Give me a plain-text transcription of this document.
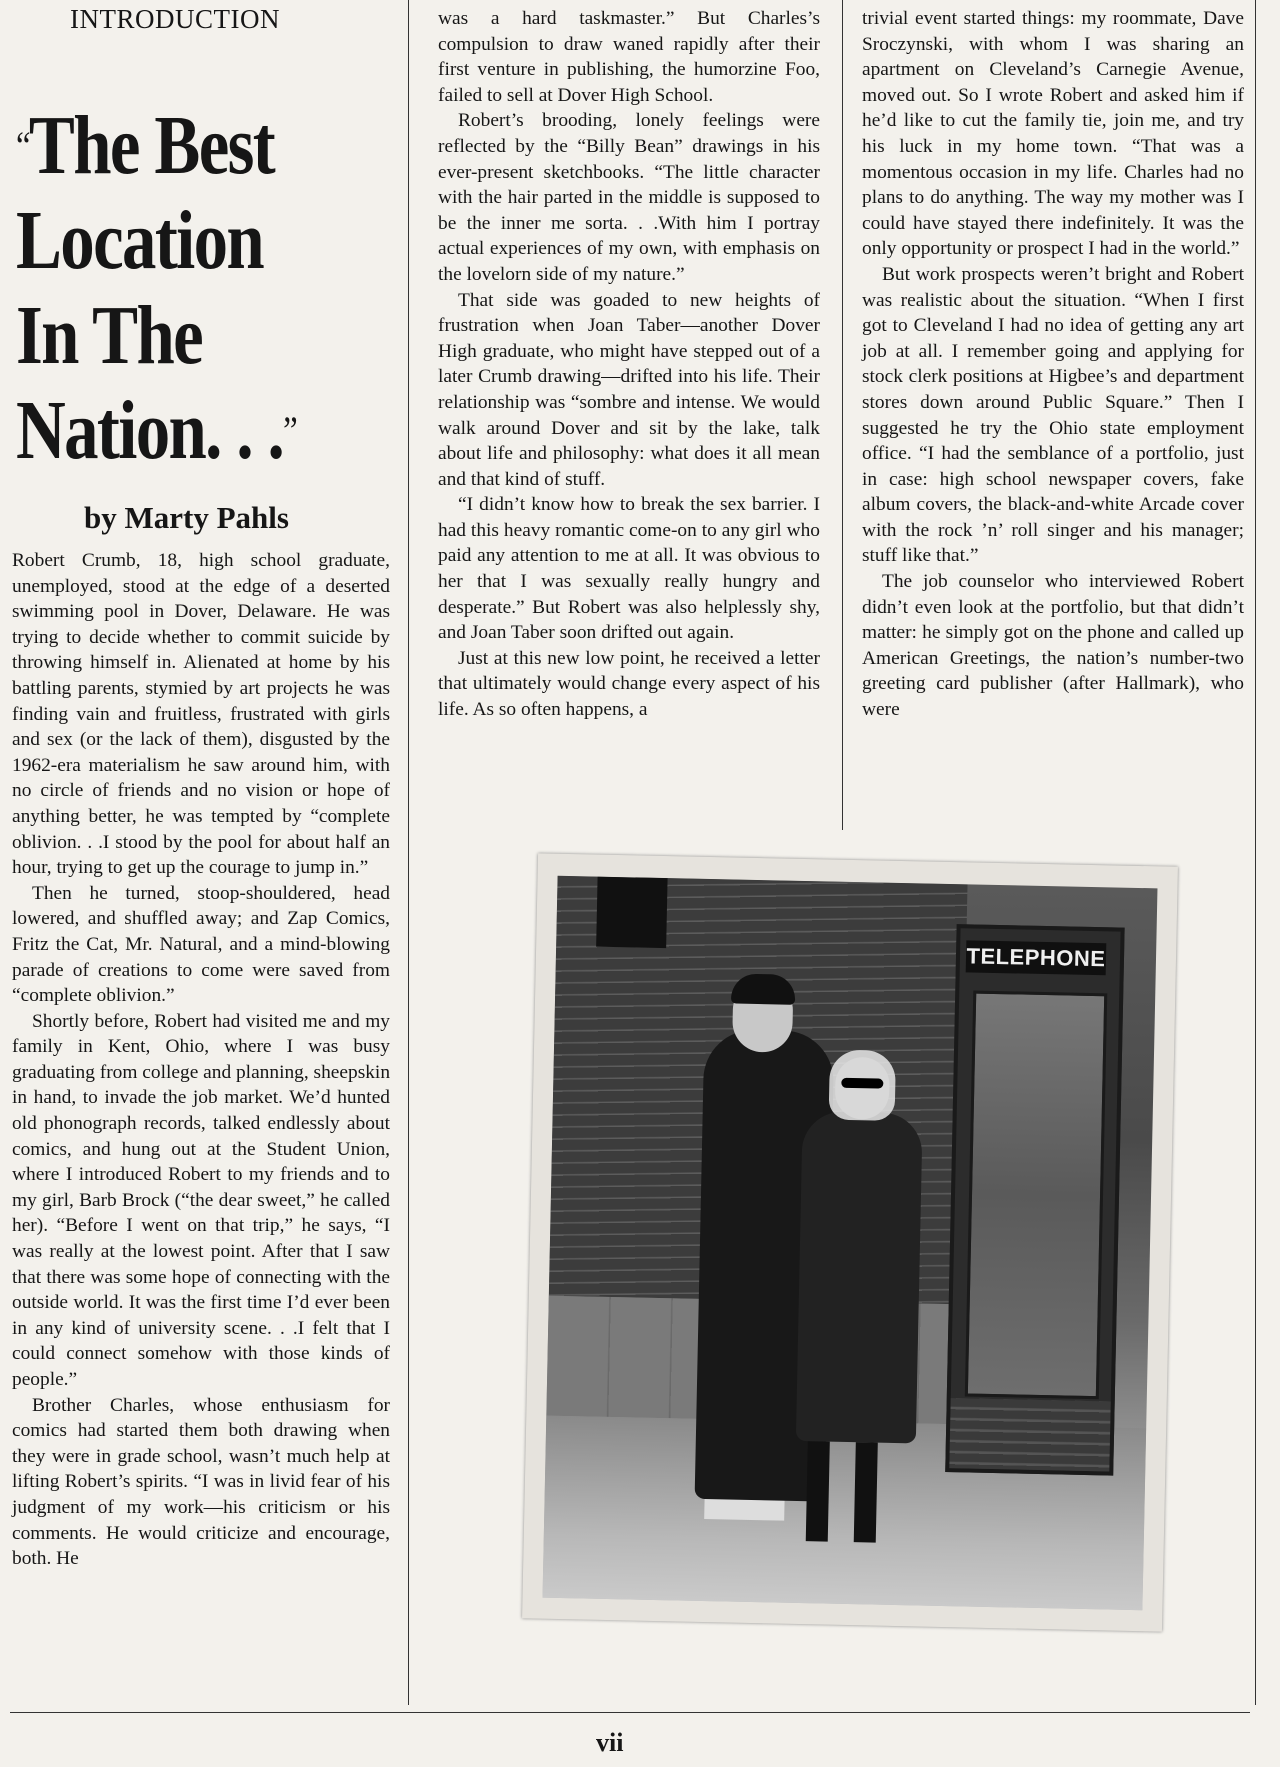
INTRODUCTION
“The Best
Location
In The
Nation. . .”
by Marty Pahls

Robert Crumb, 18, high school graduate, unemployed, stood at the edge of a deserted swimming pool in Dover, Delaware. He was trying to decide whether to commit suicide by throwing himself in. Alienated at home by his battling parents, stymied by art projects he was finding vain and fruitless, frustrated with girls and sex (or the lack of them), disgusted by the 1962-era materialism he saw around him, with no circle of friends and no vision or hope of anything better, he was tempted by “complete oblivion. . .I stood by the pool for about half an hour, trying to get up the courage to jump in.”

Then he turned, stoop-shouldered, head lowered, and shuffled away; and Zap Comics, Fritz the Cat, Mr. Natural, and a mind-blowing parade of creations to come were saved from “complete oblivion.”

Shortly before, Robert had visited me and my family in Kent, Ohio, where I was busy graduating from college and planning, sheepskin in hand, to invade the job market. We’d hunted old phonograph records, talked endlessly about comics, and hung out at the Student Union, where I introduced Robert to my friends and to my girl, Barb Brock (“the dear sweet,” he called her). “Before I went on that trip,” he says, “I was really at the lowest point. After that I saw that there was some hope of connecting with the outside world. It was the first time I’d ever been in any kind of university scene. . .I felt that I could connect somehow with those kinds of people.”

Brother Charles, whose enthusiasm for comics had started them both drawing when they were in grade school, wasn’t much help at lifting Robert’s spirits. “I was in livid fear of his judgment of my work—his criticism or his comments. He would criticize and encourage, both. He

was a hard taskmaster.” But Charles’s compulsion to draw waned rapidly after their first venture in publishing, the humorzine Foo, failed to sell at Dover High School.

Robert’s brooding, lonely feelings were reflected by the “Billy Bean” drawings in his ever-present sketchbooks. “The little character with the hair parted in the middle is supposed to be the inner me sorta. . .With him I portray actual experiences of my own, with emphasis on the lovelorn side of my nature.”

That side was goaded to new heights of frustration when Joan Taber—another Dover High graduate, who might have stepped out of a later Crumb drawing—drifted into his life. Their relationship was “sombre and intense. We would walk around Dover and sit by the lake, talk about life and philosophy: what does it all mean and that kind of stuff.

“I didn’t know how to break the sex barrier. I had this heavy romantic come-on to any girl who paid any attention to me at all. It was obvious to her that I was sexually really hungry and desperate.” But Robert was also helplessly shy, and Joan Taber soon drifted out again.

Just at this new low point, he received a letter that ultimately would change every aspect of his life. As so often happens, a

trivial event started things: my roommate, Dave Sroczynski, with whom I was sharing an apartment on Cleveland’s Carnegie Avenue, moved out. So I wrote Robert and asked him if he’d like to cut the family tie, join me, and try his luck in my home town. “That was a momentous occasion in my life. Charles had no plans to do anything. The way my mother was I could have stayed there indefinitely. It was the only opportunity or prospect I had in the world.”

But work prospects weren’t bright and Robert was realistic about the situation. “When I first got to Cleveland I had no idea of getting any art job at all. I remember going and applying for stock clerk positions at Higbee’s and department stores down around Public Square.” Then I suggested he try the Ohio state employment office. “I had the semblance of a portfolio, just in case: high school newspaper covers, fake album covers, the black-and-white Arcade cover with the rock ’n’ roll singer and his manager; stuff like that.”

The job counselor who interviewed Robert didn’t even look at the portfolio, but that didn’t matter: he simply got on the phone and called up American Greetings, the nation’s number-two greeting card publisher (after Hallmark), who were

TELEPHONE
vii
